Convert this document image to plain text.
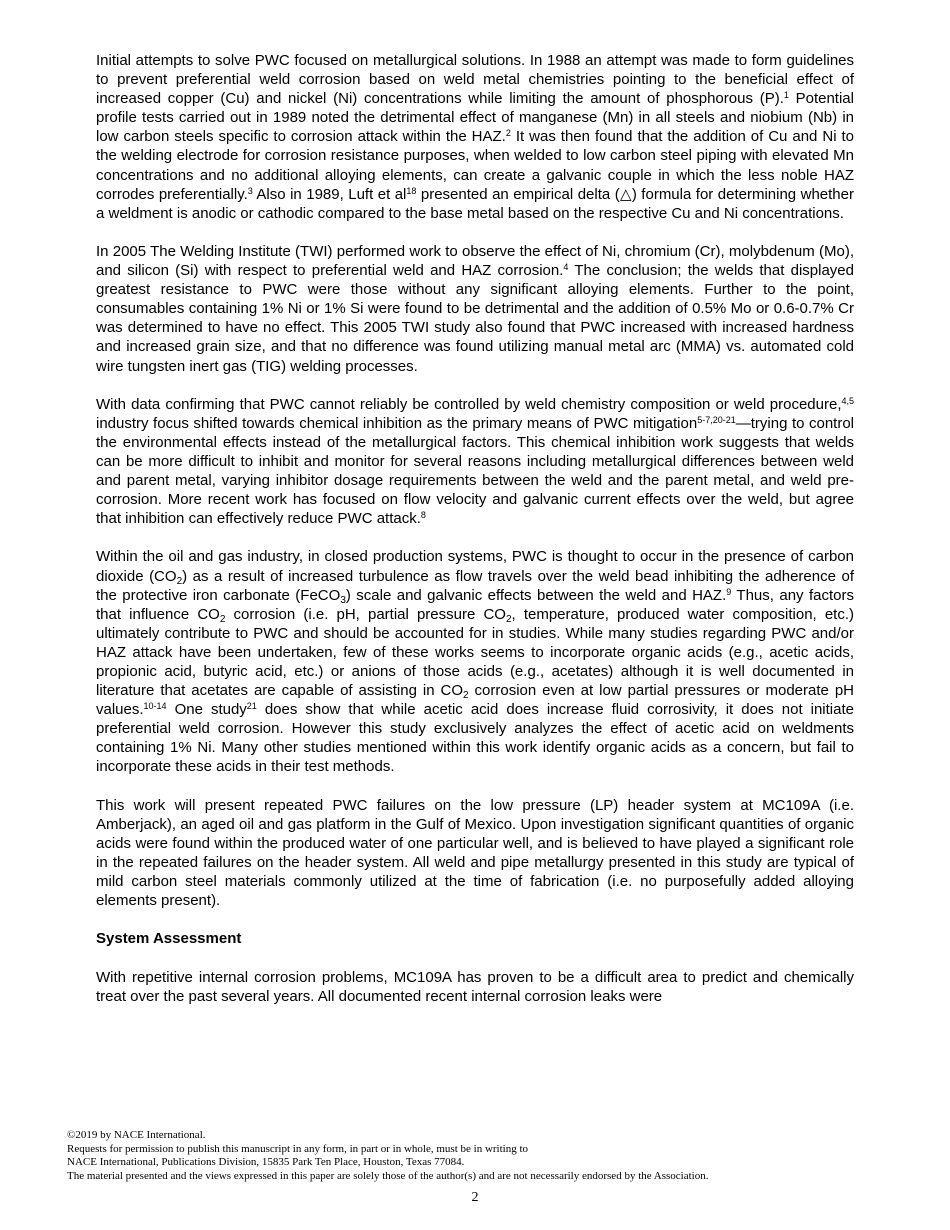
Initial attempts to solve PWC focused on metallurgical solutions. In 1988 an attempt was made to form guidelines to prevent preferential weld corrosion based on weld metal chemistries pointing to the beneficial effect of increased copper (Cu) and nickel (Ni) concentrations while limiting the amount of phosphorous (P).$^1$ Potential profile tests carried out in 1989 noted the detrimental effect of manganese (Mn) in all steels and niobium (Nb) in low carbon steels specific to corrosion attack within the HAZ.$^2$ It was then found that the addition of Cu and Ni to the welding electrode for corrosion resistance purposes, when welded to low carbon steel piping with elevated Mn concentrations and no additional alloying elements, can create a galvanic couple in which the less noble HAZ corrodes preferentially.$^3$ Also in 1989, Luft et $al^{18}$ presented an empirical delta (△) formula for determining whether a weldment is anodic or cathodic compared to the base metal based on the respective Cu and Ni concentrations.

In 2005 The Welding Institute (TWI) performed work to observe the effect of Ni, chromium (Cr), molybdenum (Mo), and silicon (Si) with respect to preferential weld and HAZ corrosion.$^4$ The conclusion; the welds that displayed greatest resistance to PWC were those without any significant alloying elements. Further to the point, consumables containing 1% Ni or 1% Si were found to be detrimental and the addition of 0.5% Mo or 0.6-0.7% Cr was determined to have no effect. This 2005 TWI study also found that PWC increased with increased hardness and increased grain size, and that no difference was found utilizing manual metal arc (MMA) vs. automated cold wire tungsten inert gas (TIG) welding processes.

With data confirming that PWC cannot reliably be controlled by weld chemistry composition or weld procedure,$^{4,5}$ industry focus shifted towards chemical inhibition as the primary means of PWC mitigation$^{5-7,20-21}$—trying to control the environmental effects instead of the metallurgical factors. This chemical inhibition work suggests that welds can be more difficult to inhibit and monitor for several reasons including metallurgical differences between weld and parent metal, varying inhibitor dosage requirements between the weld and the parent metal, and weld pre-corrosion. More recent work has focused on flow velocity and galvanic current effects over the weld, but agree that inhibition can effectively reduce PWC attack.$^8$

Within the oil and gas industry, in closed production systems, PWC is thought to occur in the presence of carbon dioxide $(CO_2)$ as a result of increased turbulence as flow travels over the weld bead inhibiting the adherence of the protective iron carbonate (FeCO$_3$) scale and galvanic effects between the weld and HAZ.$^9$ Thus, any factors that influence $CO_2$ corrosion (i.e. pH, partial pressure $CO_2$, temperature, produced water composition, etc.) ultimately contribute to PWC and should be accounted for in studies. While many studies regarding PWC and/or HAZ attack have been undertaken, few of these works seems to incorporate organic acids (e.g., acetic acids, propionic acid, butyric acid, etc.) or anions of those acids (e.g., acetates) although it is well documented in literature that acetates are capable of assisting in $CO_2$ corrosion even at low partial pressures or moderate pH values.$^{10-14}$ One study$^{21}$ does show that while acetic acid does increase fluid corrosivity, it does not initiate preferential weld corrosion. However this study exclusively analyzes the effect of acetic acid on weldments containing 1% Ni. Many other studies mentioned within this work identify organic acids as a concern, but fail to incorporate these acids in their test methods.

This work will present repeated PWC failures on the low pressure (LP) header system at MC109A (i.e. Amberjack), an aged oil and gas platform in the Gulf of Mexico. Upon investigation significant quantities of organic acids were found within the produced water of one particular well, and is believed to have played a significant role in the repeated failures on the header system. All weld and pipe metallurgy presented in this study are typical of mild carbon steel materials commonly utilized at the time of fabrication (i.e. no purposefully added alloying elements present).

System Assessment

With repetitive internal corrosion problems, MC109A has proven to be a difficult area to predict and chemically treat over the past several years. All documented recent internal corrosion leaks were

©2019 by NACE International.
Requests for permission to publish this manuscript in any form, in part or in whole, must be in writing to
NACE International, Publications Division, 15835 Park Ten Place, Houston, Texas 77084.
The material presented and the views expressed in this paper are solely those of the author(s) and are not necessarily endorsed by the Association.
2
